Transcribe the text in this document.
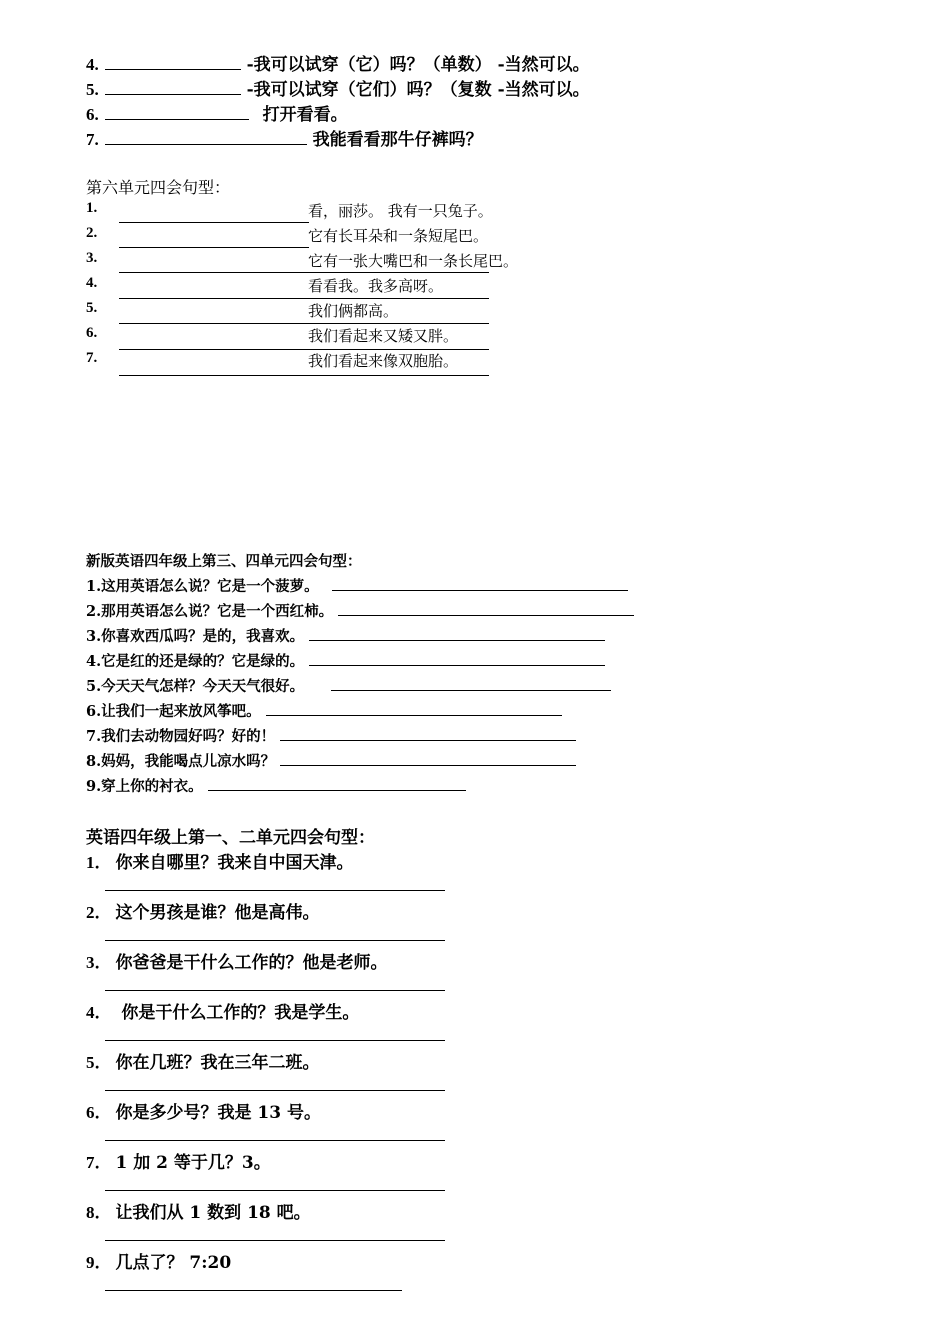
4.	-我可以试穿（它）吗？（单数） -当然可以。
5.	-我可以试穿（它们）吗？（复数 -当然可以。
6.	打开看看。
7.	我能看看那牛仔裤吗？
第六单元四会句型：
1.	看，丽莎。 我有一只兔子。
2.	它有长耳朵和一条短尾巴。
3.	它有一张大嘴巴和一条长尾巴。
4.	看看我。我多高呀。
5.	我们俩都高。
6.	我们看起来又矮又胖。
7.	我们看起来像双胞胎。
新版英语四年级上第三、四单元四会句型：
1.这用英语怎么说？它是一个菠萝。
2.那用英语怎么说？它是一个西红柿。
3.你喜欢西瓜吗？是的，我喜欢。
4.它是红的还是绿的？它是绿的。
5.今天天气怎样？今天天气很好。
6.让我们一起来放风筝吧。
7.我们去动物园好吗？好的！
8.妈妈，我能喝点儿凉水吗？
9.穿上你的衬衣。
英语四年级上第一、二单元四会句型：
1． 你来自哪里？我来自中国天津。
2． 这个男孩是谁？他是高伟。
3． 你爸爸是干什么工作的？他是老师。
4． 你是干什么工作的？我是学生。
5． 你在几班？我在三年二班。
6． 你是多少号？我是 13 号。
7． 1 加 2 等于几？3。
8． 让我们从 1 数到 18 吧。
9． 几点了？ 7:20
